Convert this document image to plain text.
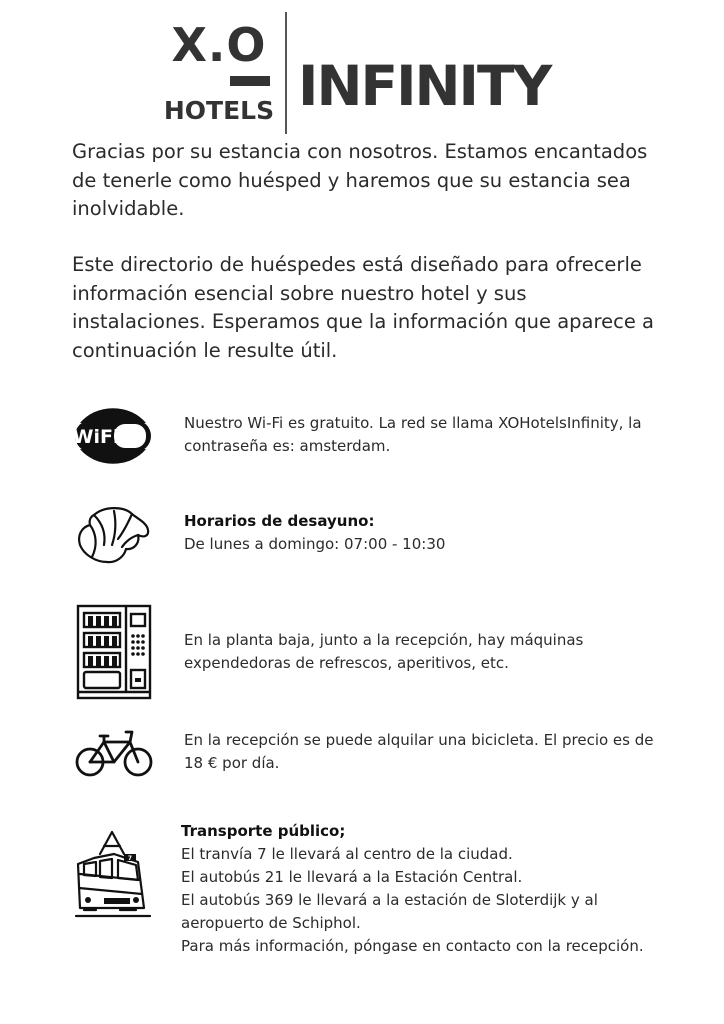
X.O
HOTELS INFINITY

Gracias por su estancia con nosotros. Estamos encantados de tenerle como huésped y haremos que su estancia sea inolvidable.

Este directorio de huéspedes está diseñado para ofrecerle información esencial sobre nuestro hotel y sus instalaciones. Esperamos que la información que aparece a continuación le resulte útil.

WiFi

Nuestro Wi-Fi es gratuito. La red se llama XOHotelsInfinity, la contraseña es: amsterdam.

Horarios de desayuno:

De lunes a domingo: 07:00 - 10:30

En la planta baja, junto a la recepción, hay máquinas expendedoras de refrescos, aperitivos, etc.

En la recepción se puede alquilar una bicicleta. El precio es de 18 € por día.

7

Transporte público;

El tranvía 7 le llevará al centro de la ciudad.

El autobús 21 le llevará a la Estación Central.

El autobús 369 le llevará a la estación de Sloterdijk y al aeropuerto de Schiphol.

Para más información, póngase en contacto con la recepción.
